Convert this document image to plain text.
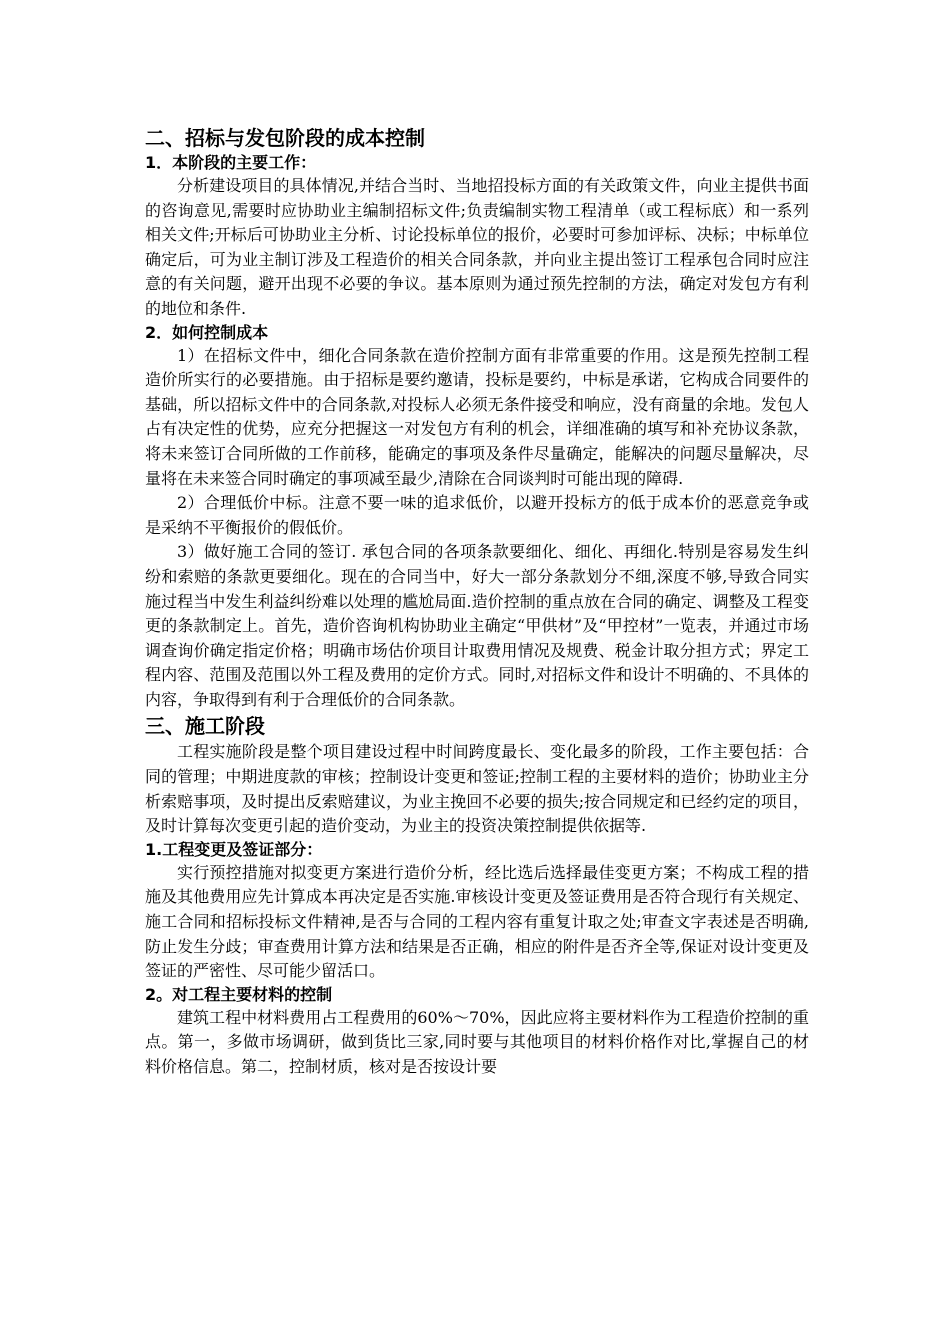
二、招标与发包阶段的成本控制
1．本阶段的主要工作：

分析建设项目的具体情况,并结合当时、当地招投标方面的有关政策文件，向业主提供书面的咨询意见,需要时应协助业主编制招标文件;负责编制实物工程清单（或工程标底）和一系列相关文件;开标后可协助业主分析、讨论投标单位的报价，必要时可参加评标、决标；中标单位确定后，可为业主制订涉及工程造价的相关合同条款，并向业主提出签订工程承包合同时应注意的有关问题，避开出现不必要的争议。基本原则为通过预先控制的方法，确定对发包方有利的地位和条件.

2．如何控制成本

1）在招标文件中，细化合同条款在造价控制方面有非常重要的作用。这是预先控制工程造价所实行的必要措施。由于招标是要约邀请，投标是要约，中标是承诺，它构成合同要件的基础，所以招标文件中的合同条款,对投标人必须无条件接受和响应，没有商量的余地。发包人占有决定性的优势，应充分把握这一对发包方有利的机会，详细准确的填写和补充协议条款，将未来签订合同所做的工作前移，能确定的事项及条件尽量确定，能解决的问题尽量解决，尽量将在未来签合同时确定的事项减至最少,清除在合同谈判时可能出现的障碍.

2）合理低价中标。注意不要一味的追求低价，以避开投标方的低于成本价的恶意竞争或是采纳不平衡报价的假低价。

3）做好施工合同的签订. 承包合同的各项条款要细化、细化、再细化.特别是容易发生纠纷和索赔的条款更要细化。现在的合同当中，好大一部分条款划分不细,深度不够,导致合同实施过程当中发生利益纠纷难以处理的尴尬局面.造价控制的重点放在合同的确定、调整及工程变更的条款制定上。首先，造价咨询机构协助业主确定“甲供材”及“甲控材”一览表，并通过市场调查询价确定指定价格；明确市场估价项目计取费用情况及规费、税金计取分担方式；界定工程内容、范围及范围以外工程及费用的定价方式。同时,对招标文件和设计不明确的、不具体的内容，争取得到有利于合理低价的合同条款。

三、施工阶段

工程实施阶段是整个项目建设过程中时间跨度最长、变化最多的阶段，工作主要包括：合同的管理；中期进度款的审核；控制设计变更和签证;控制工程的主要材料的造价；协助业主分析索赔事项，及时提出反索赔建议，为业主挽回不必要的损失;按合同规定和已经约定的项目，及时计算每次变更引起的造价变动，为业主的投资决策控制提供依据等.

1.工程变更及签证部分：

实行预控措施对拟变更方案进行造价分析，经比选后选择最佳变更方案；不构成工程的措施及其他费用应先计算成本再决定是否实施.审核设计变更及签证费用是否符合现行有关规定、施工合同和招标投标文件精神,是否与合同的工程内容有重复计取之处;审查文字表述是否明确,防止发生分歧；审查费用计算方法和结果是否正确，相应的附件是否齐全等,保证对设计变更及签证的严密性、尽可能少留活口。

2。对工程主要材料的控制

建筑工程中材料费用占工程费用的60%～70%，因此应将主要材料作为工程造价控制的重点。第一，多做市场调研，做到货比三家,同时要与其他项目的材料价格作对比,掌握自己的材料价格信息。第二，控制材质，核对是否按设计要
